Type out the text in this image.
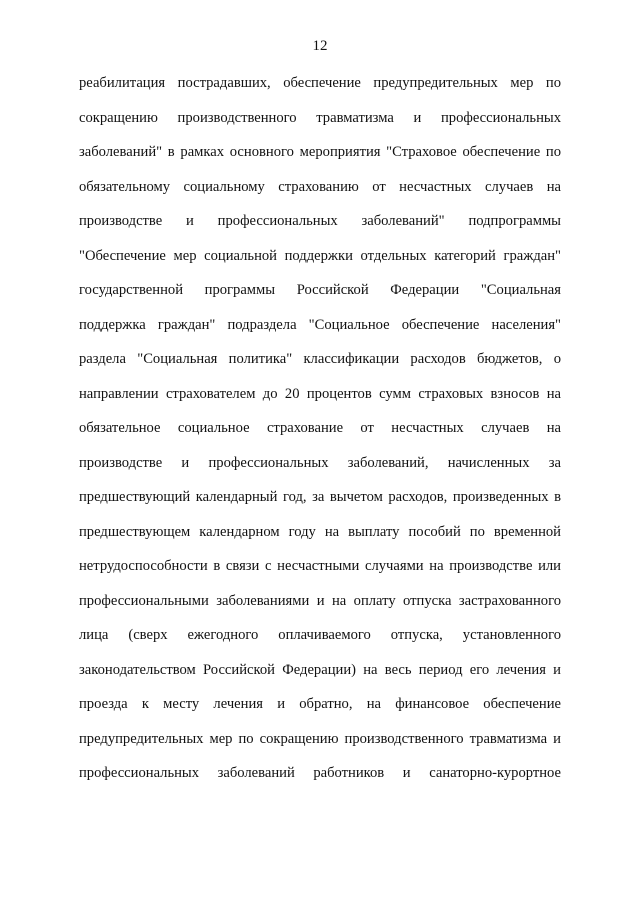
12
реабилитация пострадавших, обеспечение предупредительных мер по
сокращению производственного травматизма и профессиональных
заболеваний" в рамках основного мероприятия "Страховое обеспечение по
обязательному социальному страхованию от несчастных случаев на
производстве и профессиональных заболеваний" подпрограммы
"Обеспечение мер социальной поддержки отдельных категорий граждан"
государственной программы Российской Федерации "Социальная
поддержка граждан" подраздела "Социальное обеспечение населения"
раздела "Социальная политика" классификации расходов бюджетов, о
направлении страхователем до 20 процентов сумм страховых взносов на
обязательное социальное страхование от несчастных случаев на
производстве и профессиональных заболеваний, начисленных за
предшествующий календарный год, за вычетом расходов, произведенных в
предшествующем календарном году на выплату пособий по временной
нетрудоспособности в связи с несчастными случаями на производстве или
профессиональными заболеваниями и на оплату отпуска застрахованного
лица (сверх ежегодного оплачиваемого отпуска, установленного
законодательством Российской Федерации) на весь период его лечения и
проезда к месту лечения и обратно, на финансовое обеспечение
предупредительных мер по сокращению производственного травматизма и
профессиональных заболеваний работников и санаторно-курортное
